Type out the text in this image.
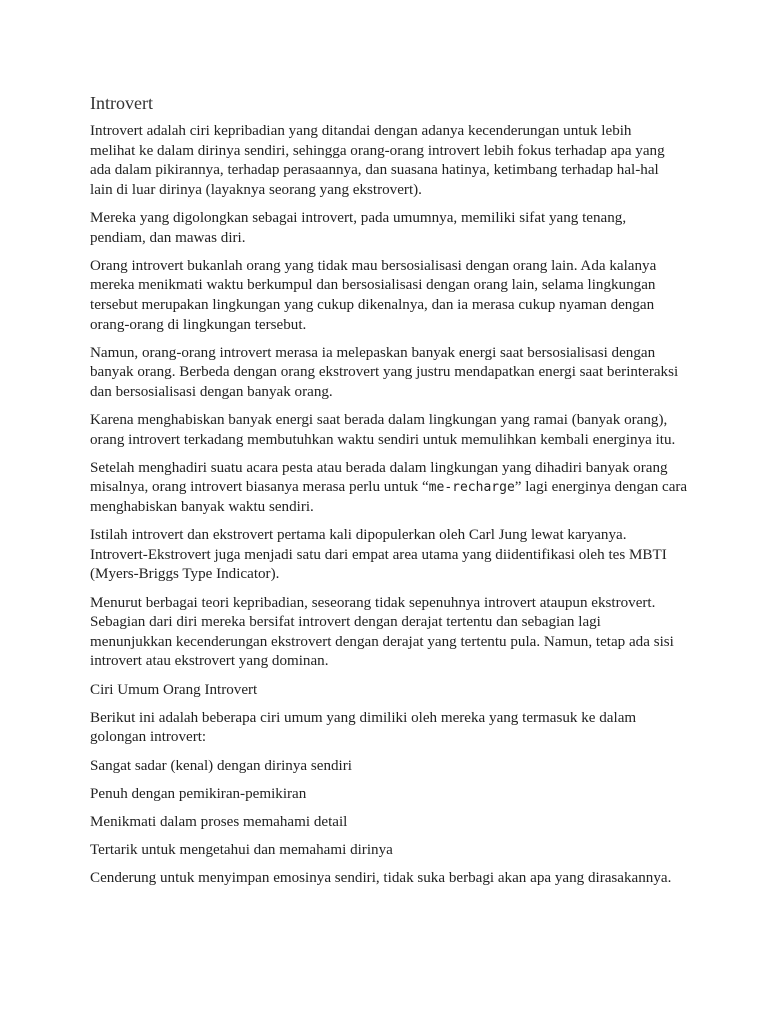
Introvert

Introvert adalah ciri kepribadian yang ditandai dengan adanya kecenderungan untuk lebih
melihat ke dalam dirinya sendiri, sehingga orang-orang introvert lebih fokus terhadap apa yang
ada dalam pikirannya, terhadap perasaannya, dan suasana hatinya, ketimbang terhadap hal-hal
lain di luar dirinya (layaknya seorang yang ekstrovert).

Mereka yang digolongkan sebagai introvert, pada umumnya, memiliki sifat yang tenang,
pendiam, dan mawas diri.

Orang introvert bukanlah orang yang tidak mau bersosialisasi dengan orang lain. Ada kalanya
mereka menikmati waktu berkumpul dan bersosialisasi dengan orang lain, selama lingkungan
tersebut merupakan lingkungan yang cukup dikenalnya, dan ia merasa cukup nyaman dengan
orang-orang di lingkungan tersebut.

Namun, orang-orang introvert merasa ia melepaskan banyak energi saat bersosialisasi dengan
banyak orang. Berbeda dengan orang ekstrovert yang justru mendapatkan energi saat berinteraksi
dan bersosialisasi dengan banyak orang.

Karena menghabiskan banyak energi saat berada dalam lingkungan yang ramai (banyak orang),
orang introvert terkadang membutuhkan waktu sendiri untuk memulihkan kembali energinya itu.

Setelah menghadiri suatu acara pesta atau berada dalam lingkungan yang dihadiri banyak orang
misalnya, orang introvert biasanya merasa perlu untuk “me-recharge” lagi energinya dengan cara
menghabiskan banyak waktu sendiri.

Istilah introvert dan ekstrovert pertama kali dipopulerkan oleh Carl Jung lewat karyanya.
Introvert-Ekstrovert juga menjadi satu dari empat area utama yang diidentifikasi oleh tes MBTI
(Myers-Briggs Type Indicator).

Menurut berbagai teori kepribadian, seseorang tidak sepenuhnya introvert ataupun ekstrovert.
Sebagian dari diri mereka bersifat introvert dengan derajat tertentu dan sebagian lagi
menunjukkan kecenderungan ekstrovert dengan derajat yang tertentu pula. Namun, tetap ada sisi
introvert atau ekstrovert yang dominan.

Ciri Umum Orang Introvert

Berikut ini adalah beberapa ciri umum yang dimiliki oleh mereka yang termasuk ke dalam
golongan introvert:

Sangat sadar (kenal) dengan dirinya sendiri

Penuh dengan pemikiran-pemikiran

Menikmati dalam proses memahami detail

Tertarik untuk mengetahui dan memahami dirinya

Cenderung untuk menyimpan emosinya sendiri, tidak suka berbagi akan apa yang dirasakannya.
